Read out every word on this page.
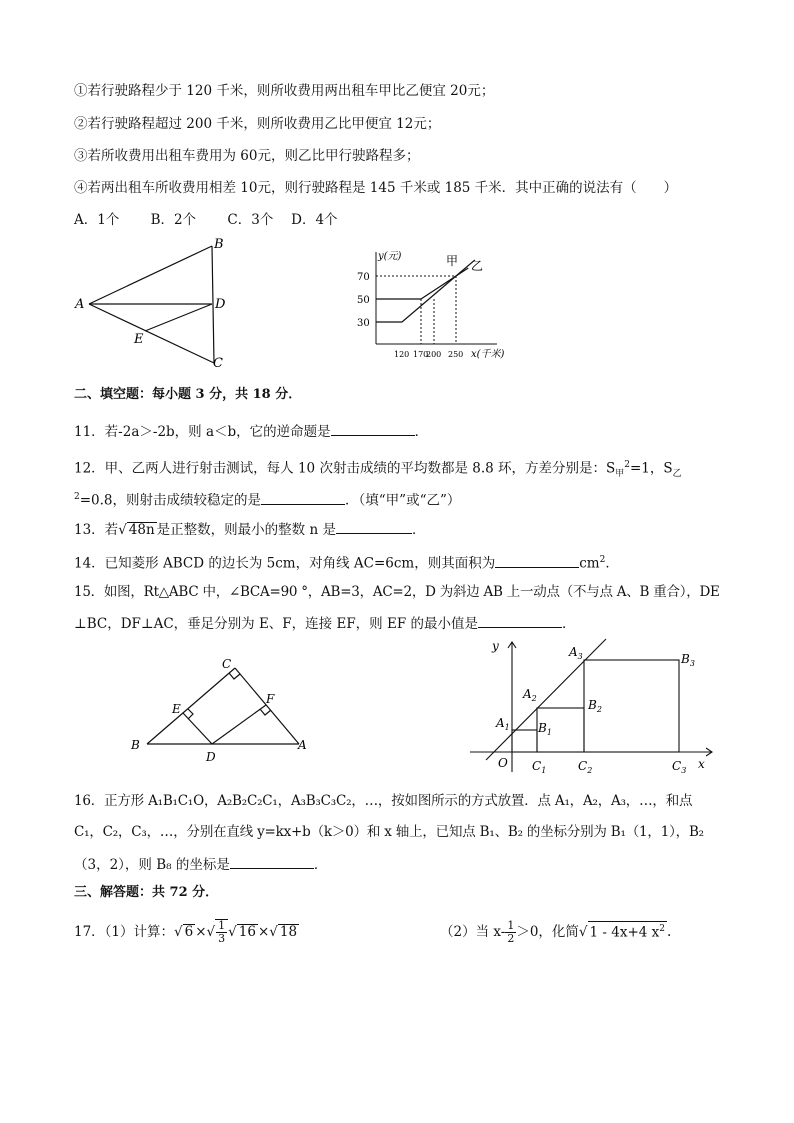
①若行驶路程少于 120 千米，则所收费用两出租车甲比乙便宜 20元；
②若行驶路程超过 200 千米，则所收费用乙比甲便宜 12元；
③若所收费用出租车费用为 60元，则乙比甲行驶路程多；
④若两出租车所收费用相差 10元，则行驶路程是 145 千米或 185 千米．其中正确的说法有（　　）
A．1个　　 B．2个　　 C．3个　 D．4个
B
A	D
E
C
y(元)
x(千米)
甲 乙
70
50
30
120 170
200 250
二、填空题：每小题 3 分，共 18 分．
11．若-2a＞-2b，则 a＜b，它的逆命题是	．
12．甲、乙两人进行射击测试，每人 10 次射击成绩的平均数都是 8.8 环，方差分别是：$S_甲^2=1$，$S_乙$
$^2$=0.8，则射击成绩较稳定的是	．（填“甲”或“乙”）
13．若√ 48n 是正整数，则最小的整数 n 是	．
14．已知菱形 ABCD 的边长为 5cm，对角线 AC=6cm，则其面积为	$cm^2$．
15．如图，Rt△ABC 中，∠BCA=90 °，AB=3，AC=2，D 为斜边 AB 上一动点（不与点 A、B 重合），DE
⊥BC，DF⊥AC，垂足分别为 E、F，连接 EF，则 EF 的最小值是	．
C
E
F
B
D
A
y
x
O
$A_1$ $B_1$
$C_1$
$A_2$	$B_2$
$C_2$
$A_3$	$B_3$
$C_3$
16．正方形 A₁B₁C₁O，A₂B₂C₂C₁，A₃B₃C₃C₂，…，按如图所示的方式放置．点 A₁，A₂，A₃，…，和点
C₁，C₂，C₃，…，分别在直线 y=kx+b（k＞0）和 x 轴上，已知点 B₁、B₂ 的坐标分别为 B₁（1，1），B₂
（3，2），则 B₈ 的坐标是	．
三、解答题：共 72 分．
17．（1）计算：√ 6 ×√ $\frac{1}{3}$ √ 16 ×√ 18	（2）当 $x- \frac{1}{2} >0$，化简√ 1 - 4x+4 $x^2$ .
